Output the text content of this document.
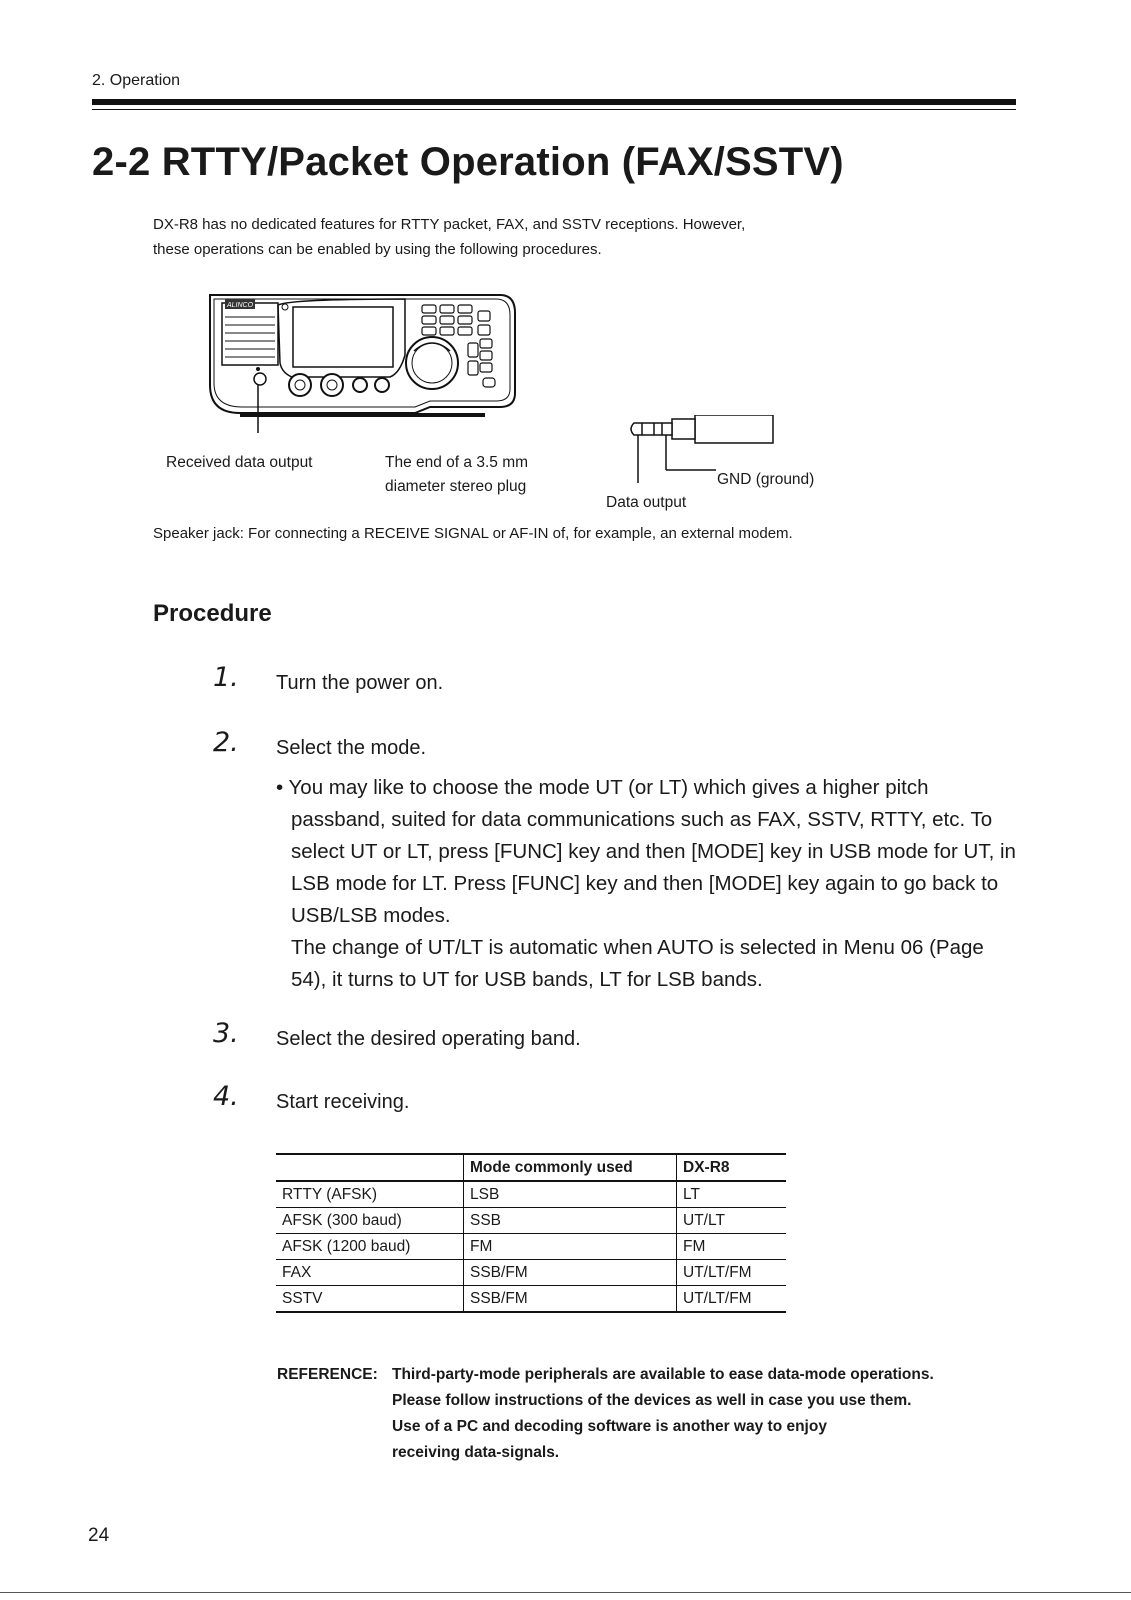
2. Operation
2-2 RTTY/Packet Operation (FAX/SSTV)

DX-R8 has no dedicated features for RTTY packet, FAX, and SSTV receptions. However,

these operations can be enabled by using the following procedures.

ALINCO
Received data output	The end of a 3.5 mm
diameter stereo plug	GND (ground)
Data output
Speaker jack: For connecting a RECEIVE SIGNAL or AF-IN of, for example, an external modem.
Procedure
1. Turn the power on.
2. Select the mode.
• You may like to choose the mode UT (or LT) which gives a higher pitch passband, suited for data communications such as FAX, SSTV, RTTY, etc. To select UT or LT, press [FUNC] key and then [MODE] key in USB mode for UT, in LSB mode for LT. Press [FUNC] key and then [MODE] key again to go back to USB/LSB modes.
The change of UT/LT is automatic when AUTO is selected in Menu 06 (Page 54), it turns to UT for USB bands, LT for LSB bands.
3. Select the desired operating band.
4. Start receiving.
	Mode commonly used	DX-R8
RTTY (AFSK)	LSB	LT
AFSK (300 baud)	SSB	UT/LT
AFSK (1200 baud)	FM	FM
FAX	SSB/FM	UT/LT/FM
SSTV	SSB/FM	UT/LT/FM
REFERENCE: Third-party-mode peripherals are available to ease data-mode operations.
Please follow instructions of the devices as well in case you use them.
Use of a PC and decoding software is another way to enjoy
receiving data-signals.
24
